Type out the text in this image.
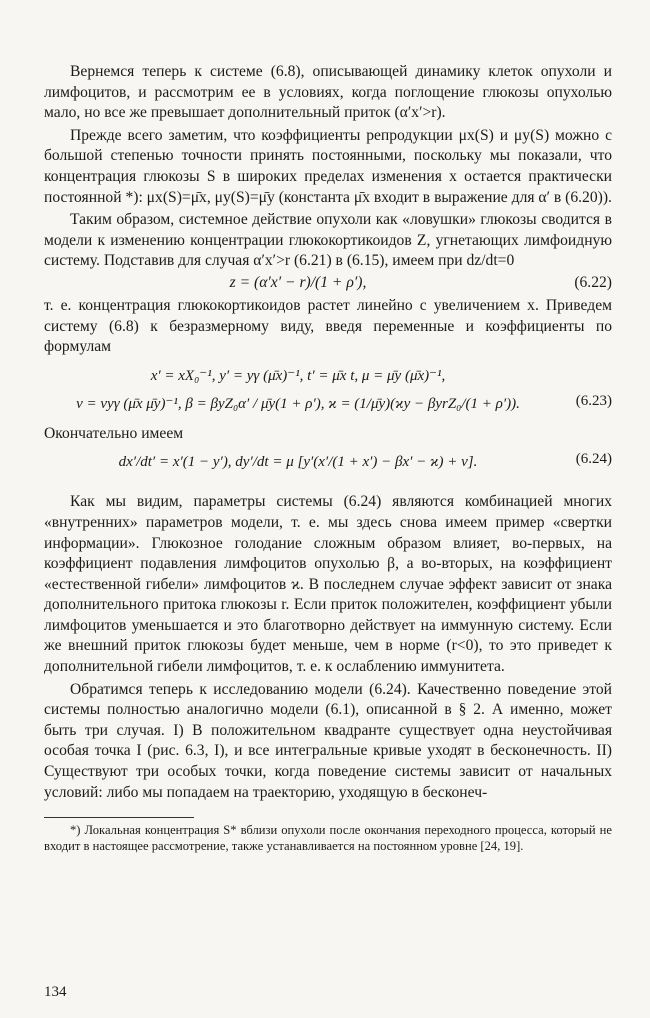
Вернемся теперь к системе (6.8), описывающей динамику клеток опухоли и лимфоцитов, и рассмотрим ее в условиях, когда поглощение глюкозы опухолью мало, но все же превышает дополнительный приток (α′x′>r).

Прежде всего заметим, что коэффициенты репродукции μx(S) и μy(S) можно с большой степенью точности принять постоянными, поскольку мы показали, что концентрация глюкозы S в широких пределах изменения x остается практически постоянной *): μx(S)=μ̄x, μy(S)=μ̄y (константа μ̄x входит в выражение для α′ в (6.20)).

Таким образом, системное действие опухоли как «ловушки» глюкозы сводится в модели к изменению концентрации глюкокортикоидов Z, угнетающих лимфоидную систему. Подставив для случая α′x′>r (6.21) в (6.15), имеем при dz/dt=0

z = (α′x′ − r)/(1 + ρ′),	(6.22)

т. е. концентрация глюкокортикоидов растет линейно с увеличением x. Приведем систему (6.8) к безразмерному виду, введя переменные и коэффициенты по формулам

x′ = xX₀⁻¹, y′ = yγ (μ̄x)⁻¹, t′ = μ̄x t, μ = μ̄y (μ̄x)⁻¹,
ν = νyγ (μ̄x μ̄y)⁻¹, β = βyZ₀α′ / μ̄y(1 + ρ′), ϰ = (1/μ̄y)(ϰy − βyrZ₀/(1 + ρ′)).	(6.23)

Окончательно имеем

dx′/dt′ = x′(1 − y′), dy′/dt = μ [y′(x′/(1 + x′) − βx′ − ϰ) + ν].	(6.24)

Как мы видим, параметры системы (6.24) являются комбинацией многих «внутренних» параметров модели, т. е. мы здесь снова имеем пример «свертки информации». Глюкозное голодание сложным образом влияет, во-первых, на коэффициент подавления лимфоцитов опухолью β, а во-вторых, на коэффициент «естественной гибели» лимфоцитов ϰ. В последнем случае эффект зависит от знака дополнительного притока глюкозы r. Если приток положителен, коэффициент убыли лимфоцитов уменьшается и это благотворно действует на иммунную систему. Если же внешний приток глюкозы будет меньше, чем в норме (r<0), то это приведет к дополнительной гибели лимфоцитов, т. е. к ослаблению иммунитета.

Обратимся теперь к исследованию модели (6.24). Качественно поведение этой системы полностью аналогично модели (6.1), описанной в § 2. А именно, может быть три случая. I) В положительном квадранте существует одна неустойчивая особая точка I (рис. 6.3, I), и все интегральные кривые уходят в бесконечность. II) Существуют три особых точки, когда поведение системы зависит от начальных условий: либо мы попадаем на траекторию, уходящую в бесконеч-

*) Локальная концентрация S* вблизи опухоли после окончания переходного процесса, который не входит в настоящее рассмотрение, также устанавливается на постоянном уровне [24, 19].

134
